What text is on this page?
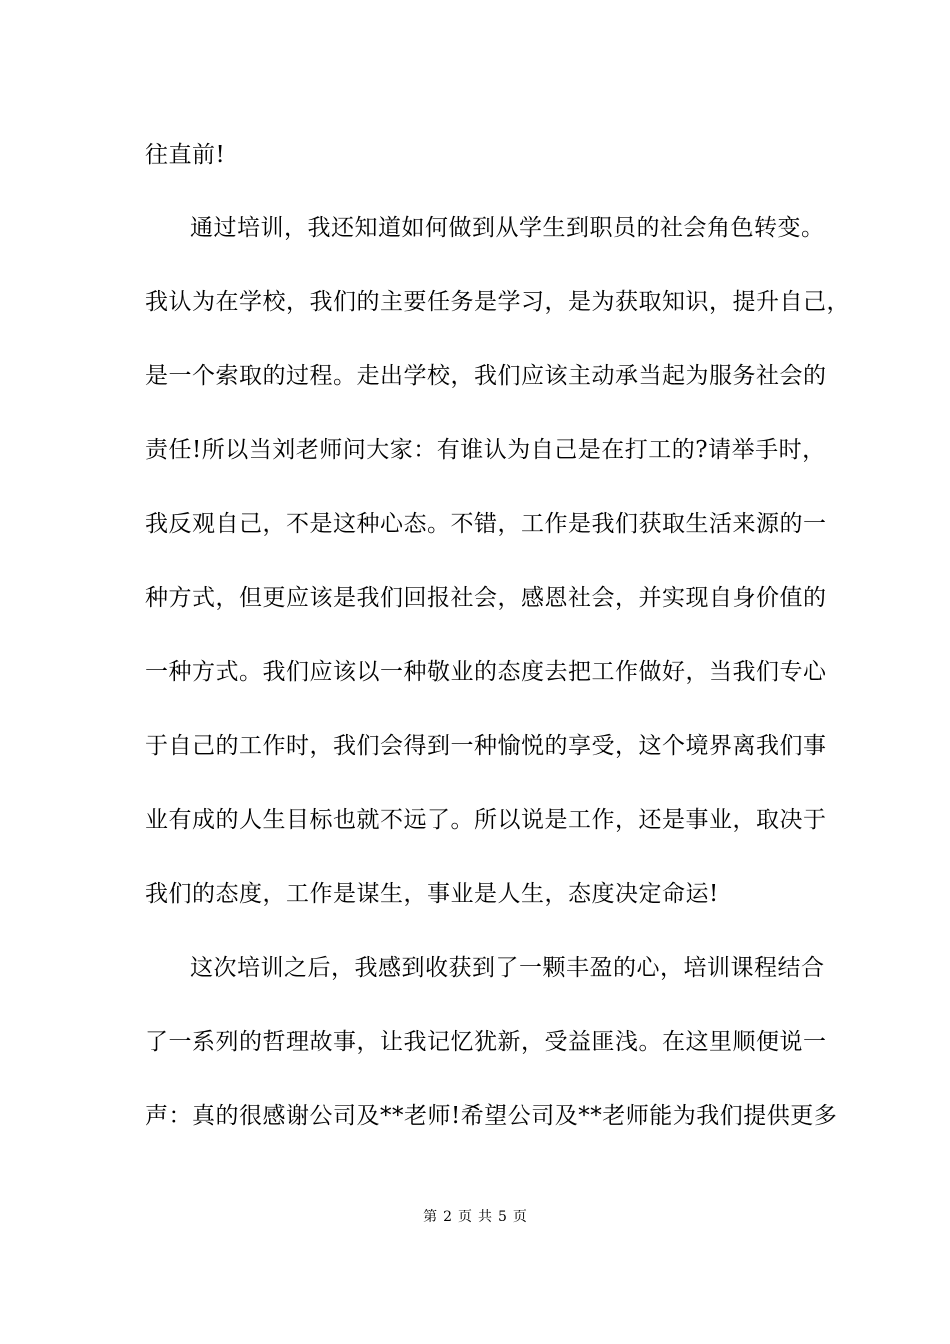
往直前!
通过培训，我还知道如何做到从学生到职员的社会角色转变。
我认为在学校，我们的主要任务是学习，是为获取知识，提升自己，
是一个索取的过程。走出学校，我们应该主动承当起为服务社会的
责任!所以当刘老师问大家：有谁认为自己是在打工的?请举手时，
我反观自己，不是这种心态。不错，工作是我们获取生活来源的一
种方式，但更应该是我们回报社会，感恩社会，并实现自身价值的
一种方式。我们应该以一种敬业的态度去把工作做好，当我们专心
于自己的工作时，我们会得到一种愉悦的享受，这个境界离我们事
业有成的人生目标也就不远了。所以说是工作，还是事业，取决于
我们的态度，工作是谋生，事业是人生，态度决定命运!
这次培训之后，我感到收获到了一颗丰盈的心，培训课程结合
了一系列的哲理故事，让我记忆犹新，受益匪浅。在这里顺便说一
声：真的很感谢公司及**老师!希望公司及**老师能为我们提供更多
第 2 页 共 5 页
